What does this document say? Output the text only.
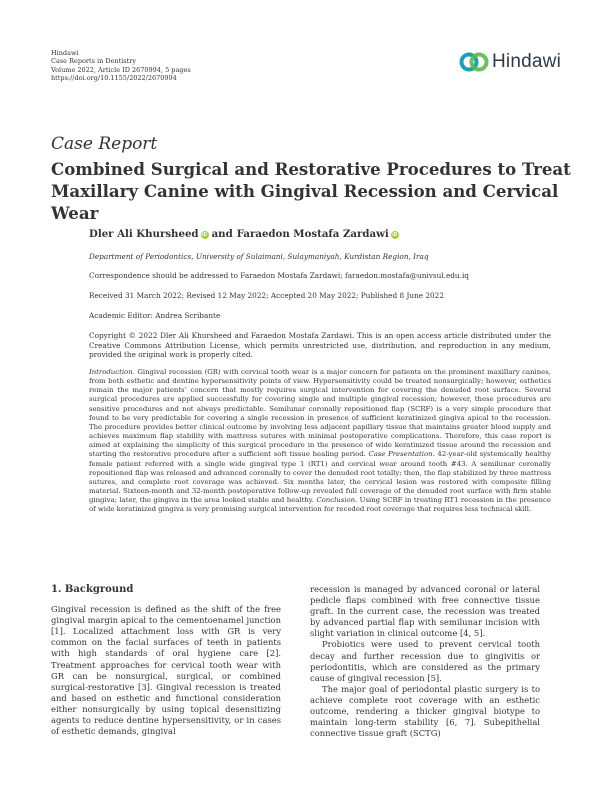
Hindawi
Case Reports in Dentistry
Volume 2022, Article ID 2670994, 5 pages
https://doi.org/10.1155/2022/2670994
Hindawi
Case Report
Combined Surgical and Restorative Procedures to Treat Maxillary Canine with Gingival Recession and Cervical Wear
Dler Ali Khursheed iD and Faraedon Mostafa Zardawi iD
Department of Periodontics, University of Sulaimani, Sulaymaniyah, Kurdistan Region, Iraq
Correspondence should be addressed to Faraedon Mostafa Zardawi; faraedon.mostafa@univsul.edu.iq
Received 31 March 2022; Revised 12 May 2022; Accepted 20 May 2022; Published 8 June 2022
Academic Editor: Andrea Scribante
Copyright © 2022 Dler Ali Khursheed and Faraedon Mostafa Zardawi. This is an open access article distributed under the Creative Commons Attribution License, which permits unrestricted use, distribution, and reproduction in any medium, provided the original work is properly cited.
Introduction. Gingival recession (GR) with cervical tooth wear is a major concern for patients on the prominent maxillary canines, from both esthetic and dentine hypersensitivity points of view. Hypersensitivity could be treated nonsurgically; however, esthetics remain the major patients’ concern that mostly requires surgical intervention for covering the denuded root surface. Several surgical procedures are applied successfully for covering single and multiple gingival recession; however, these procedures are sensitive procedures and not always predictable. Semilunar coronally repositioned flap (SCRF) is a very simple procedure that found to be very predictable for covering a single recession in presence of sufficient keratinized gingiva apical to the recession. The procedure provides better clinical outcome by involving less adjacent papillary tissue that maintains greater blood supply and achieves maximum flap stability with mattress sutures with minimal postoperative complications. Therefore, this case report is aimed at explaining the simplicity of this surgical procedure in the presence of wide keratinized tissue around the recession and starting the restorative procedure after a sufficient soft tissue healing period. Case Presentation. 42-year-old systemically healthy female patient referred with a single wide gingival type 1 (RT1) and cervical wear around tooth #43. A semilunar coronally repositioned flap was released and advanced coronally to cover the denuded root totally; then, the flap stabilized by three mattress sutures, and complete root coverage was achieved. Six months later, the cervical lesion was restored with composite filling material. Sixteen-month and 32-month postoperative follow-up revealed full coverage of the denuded root surface with firm stable gingiva; later, the gingiva in the area looked stable and healthy. Conclusion. Using SCRF in treating RT1 recession in the presence of wide keratinized gingiva is very promising surgical intervention for receded root coverage that requires less technical skill.
1. Background

Gingival recession is defined as the shift of the free gingival margin apical to the cementoenamel junction [1]. Localized attachment loss with GR is very common on the facial surfaces of teeth in patients with high standards of oral hygiene care [2]. Treatment approaches for cervical tooth wear with GR can be nonsurgical, surgical, or combined surgical-restorative [3]. Gingival recession is treated and based on esthetic and functional consideration either nonsurgically by using topical desensitizing agents to reduce dentine hypersensitivity, or in cases of esthetic demands, gingival

recession is managed by advanced coronal or lateral pedicle flaps combined with free connective tissue graft. In the current case, the recession was treated by advanced partial flap with semilunar incision with slight variation in clinical outcome [4, 5].

Probiotics were used to prevent cervical tooth decay and further recession due to gingivitis or periodontitis, which are considered as the primary cause of gingival recession [5].

The major goal of periodontal plastic surgery is to achieve complete root coverage with an esthetic outcome, rendering a thicker gingival biotype to maintain long-term stability [6, 7]. Subepithelial connective tissue graft (SCTG)
